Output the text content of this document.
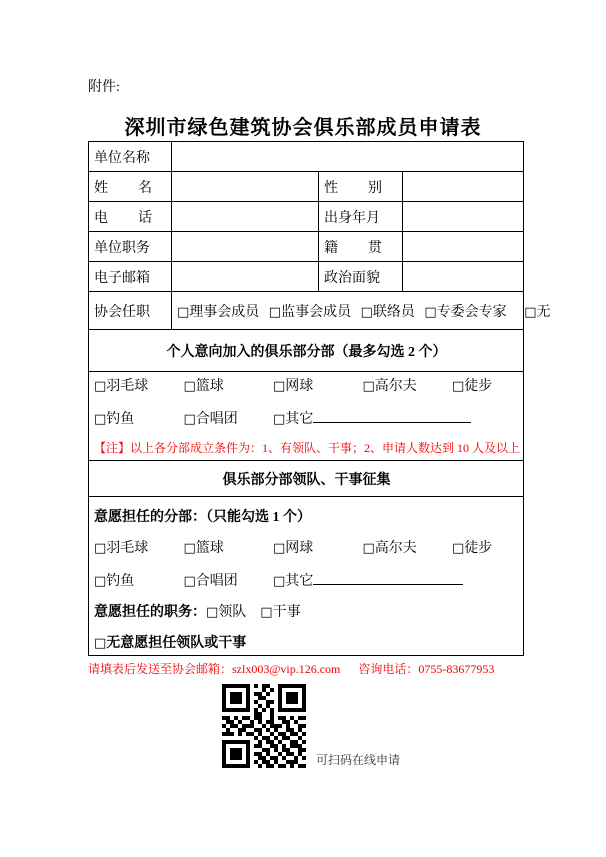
附件:
深圳市绿色建筑协会俱乐部成员申请表
单位名称			
姓名		性别	
电话		出身年月	
单位职务		籍贯	
电子邮箱		政治面貌	
协会任职	□理事会成员 □监事会成员 □联络员 □专委会专家 □无		
个人意向加入的俱乐部分部（最多勾选 2 个）			

□羽毛球 □篮球 □网球 □高尔夫 □徒步
□钓鱼 □合唱团 □其它
【注】以上各分部成立条件为：1、有领队、干事；2、申请人数达到 10 人及以上			

俱乐部分部领队、干事征集			

意愿担任的分部：（只能勾选 1 个）
□羽毛球 □篮球 □网球 □高尔夫 □徒步
□钓鱼 □合唱团 □其它
意愿担任的职务：□领队 □干事
□无意愿担任领队或干事			
请填表后发送至协会邮箱：szlx003@vip.126.com 咨询电话：0755-83677953
可扫码在线申请
